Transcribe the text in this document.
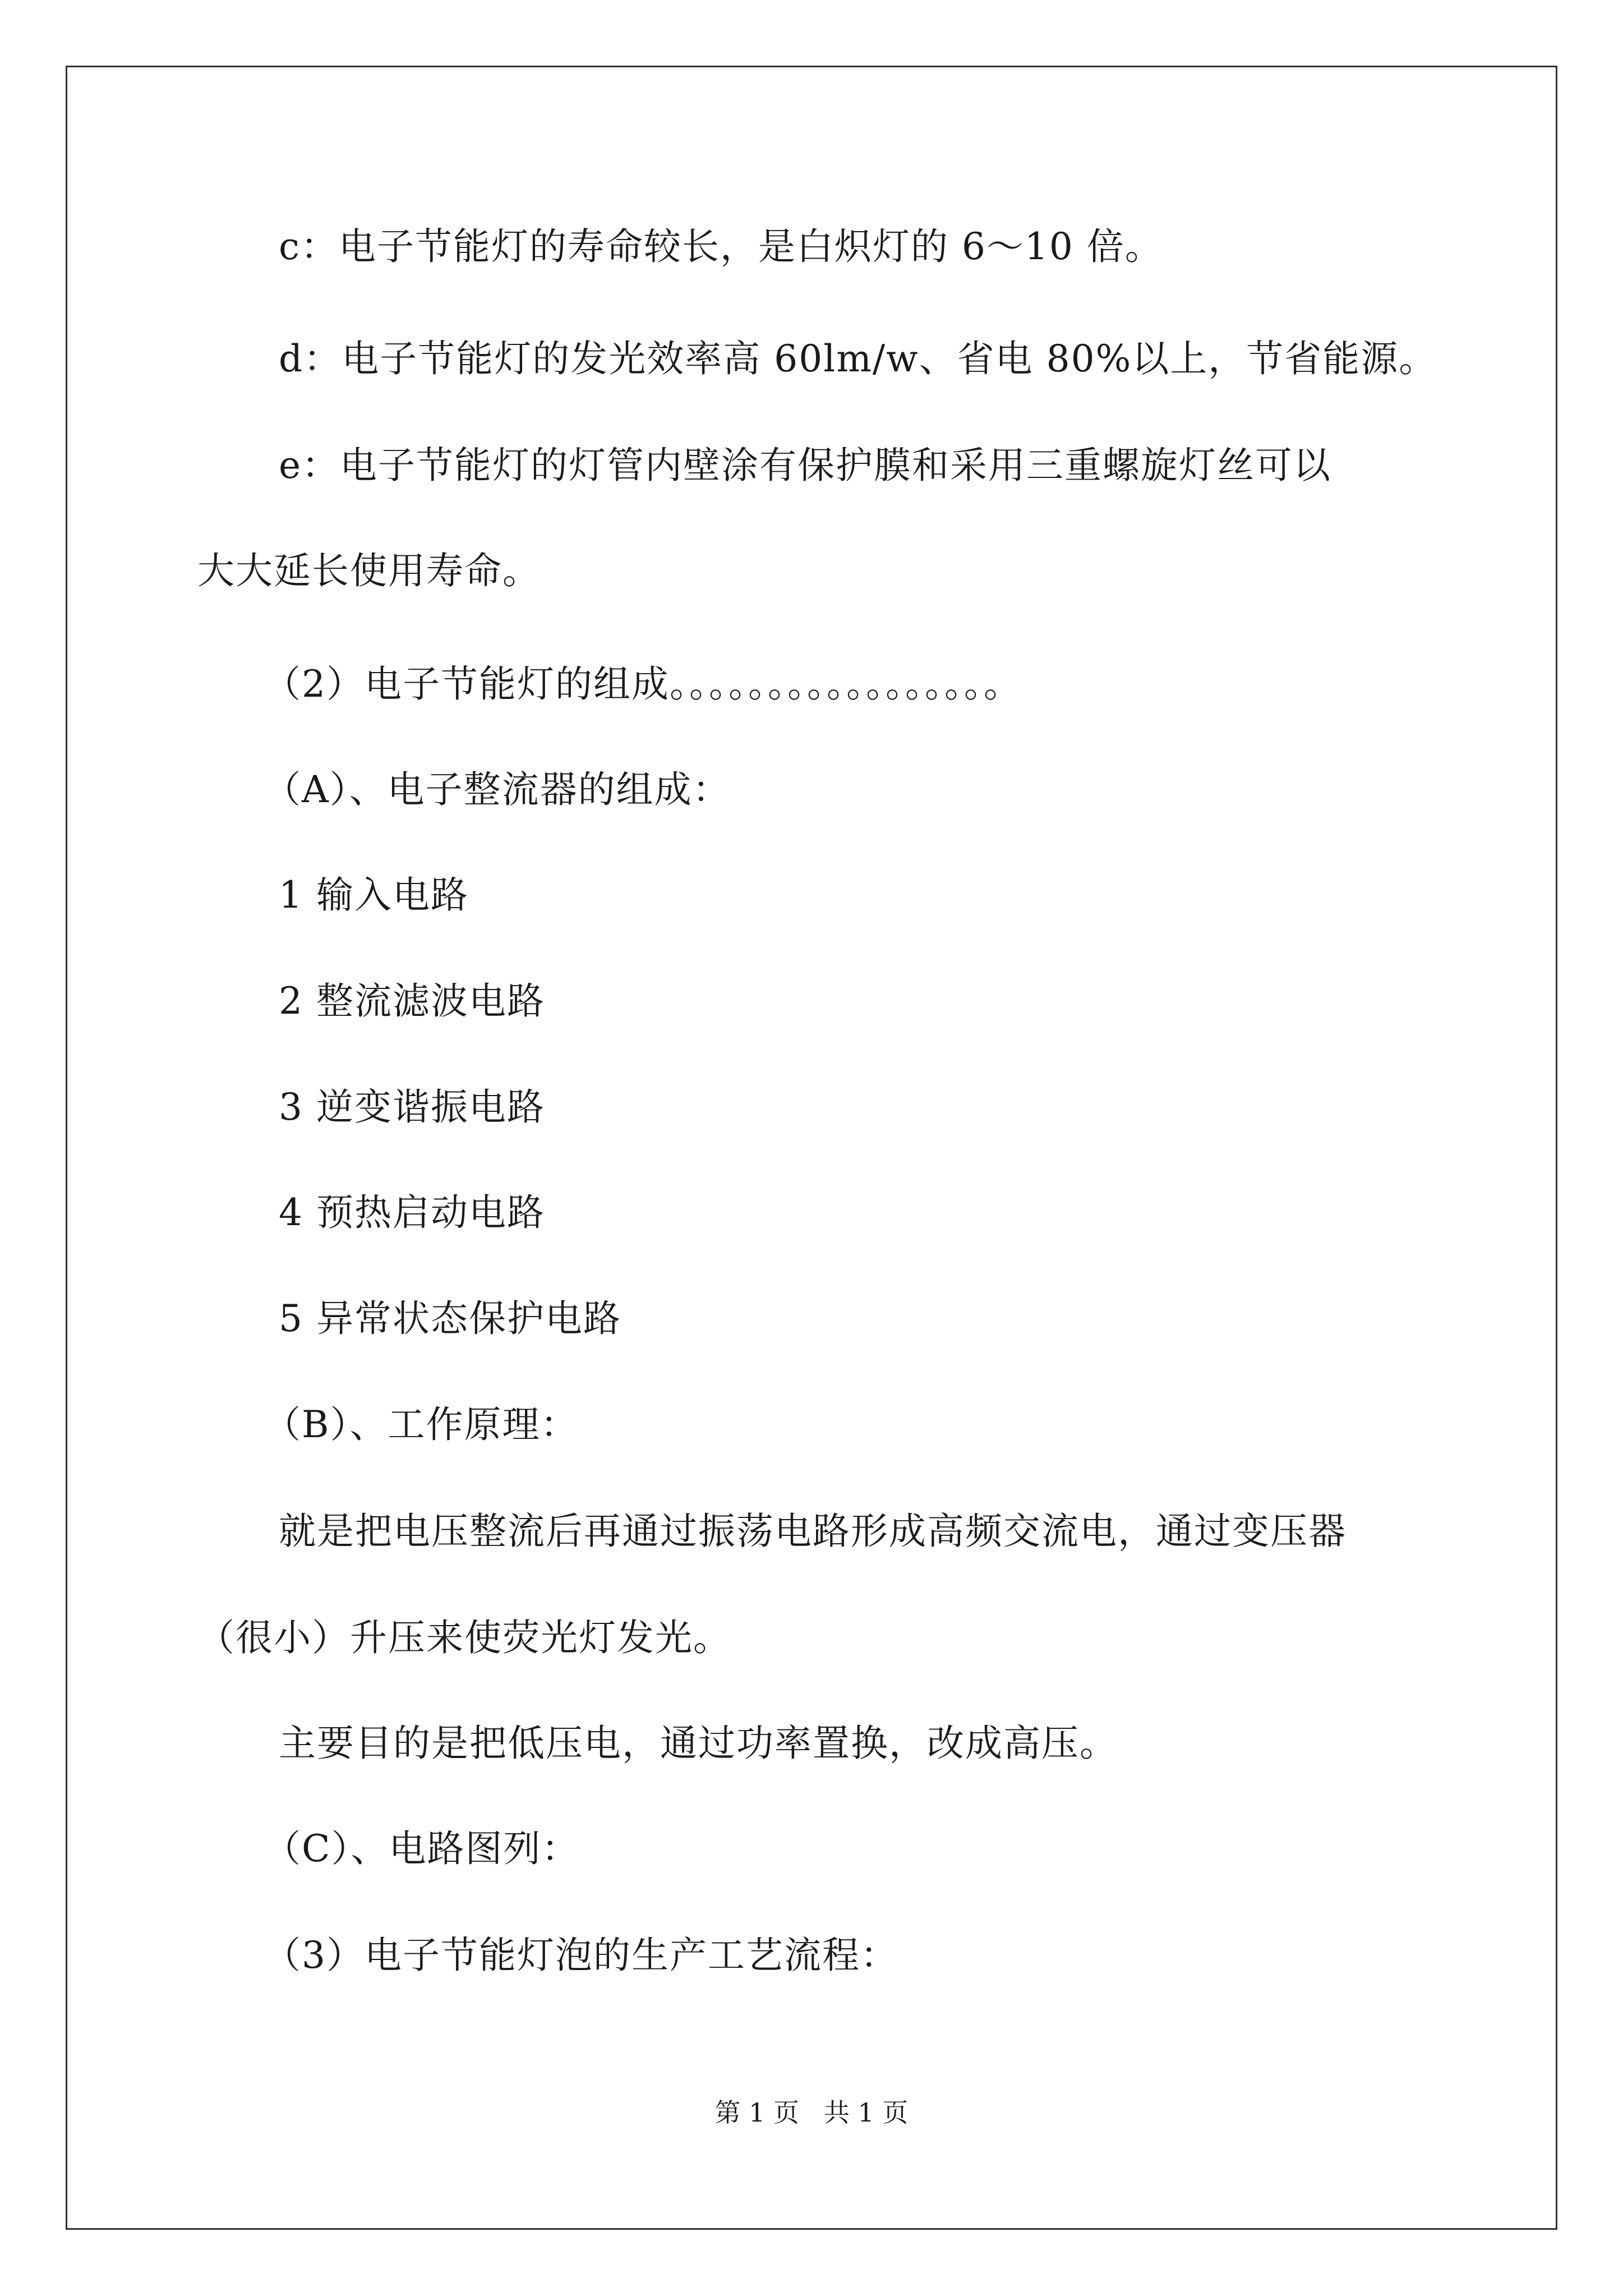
c：电子节能灯的寿命较长，是白炽灯的 6～10 倍。
d：电子节能灯的发光效率高 60lm/w、省电 80%以上，节省能源。
e：电子节能灯的灯管内壁涂有保护膜和采用三重螺旋灯丝可以
大大延长使用寿命。
（2）电子节能灯的组成。。。。。。。。。。。。。。。。。
（A）、电子整流器的组成：
1 输入电路
2 整流滤波电路
3 逆变谐振电路
4 预热启动电路
5 异常状态保护电路
（B）、工作原理：
就是把电压整流后再通过振荡电路形成高频交流电，通过变压器
（很小）升压来使荧光灯发光。
主要目的是把低压电，通过功率置换，改成高压。
（C）、电路图列：
（3）电子节能灯泡的生产工艺流程：
第 1 页   共 1 页
